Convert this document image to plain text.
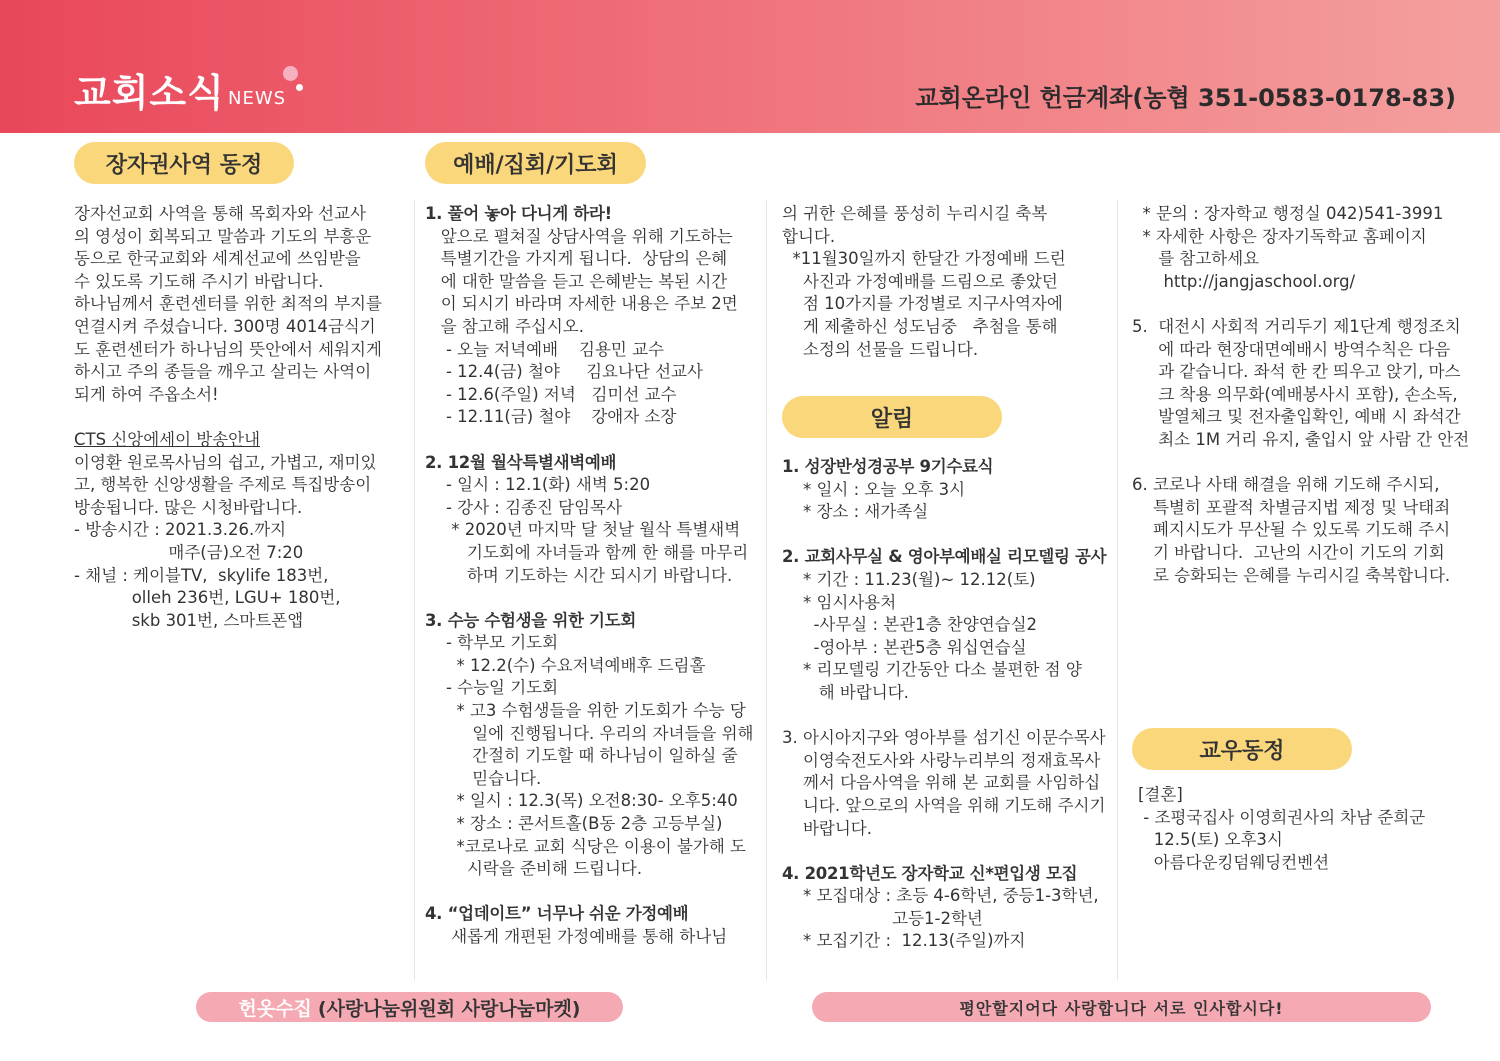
교회소식 NEWS	교회온라인 헌금계좌(농협 351-0583-0178-83)
장자권사역 동정	예배/집회/기도회
알림
교우동정

장자선교회 사역을 통해 목회자와 선교사

의 영성이 회복되고 말씀과 기도의 부흥운

동으로 한국교회와 세계선교에 쓰임받을

수 있도록 기도해 주시기 바랍니다.

하나님께서 훈련센터를 위한 최적의 부지를

연결시켜 주셨습니다. 300명 4014금식기

도 훈련센터가 하나님의 뜻안에서 세워지게

하시고 주의 종들을 깨우고 살리는 사역이

되게 하여 주옵소서!

CTS 신앙에세이 방송안내

이영환 원로목사님의 쉽고, 가볍고, 재미있

고, 행복한 신앙생활을 주제로 특집방송이

방송됩니다. 많은 시청바랍니다.

- 방송시간 : 2021.3.26.까지

매주(금)오전 7:20

- 채널 : 케이블TV,  skylife 183번,

olleh 236번, LGU+ 180번,

skb 301번, 스마트폰앱

1. 풀어 놓아 다니게 하라!

앞으로 펼쳐질 상담사역을 위해 기도하는

특별기간을 가지게 됩니다.  상담의 은혜

에 대한 말씀을 듣고 은혜받는 복된 시간

이 되시기 바라며 자세한 내용은 주보 2면

을 참고해 주십시오.

- 오늘 저녁예배    김용민 교수

- 12.4(금) 철야     김요나단 선교사

- 12.6(주일) 저녁   김미선 교수

- 12.11(금) 철야    강애자 소장

2. 12월 월삭특별새벽예배

- 일시 : 12.1(화) 새벽 5:20

- 강사 : 김종진 담임목사

* 2020년 마지막 달 첫날 월삭 특별새벽

기도회에 자녀들과 함께 한 해를 마무리

하며 기도하는 시간 되시기 바랍니다.

3. 수능 수험생을 위한 기도회

- 학부모 기도회

* 12.2(수) 수요저녁예배후 드림홀

- 수능일 기도회

* 고3 수험생들을 위한 기도회가 수능 당

일에 진행됩니다. 우리의 자녀들을 위해

간절히 기도할 때 하나님이 일하실 줄

믿습니다.

* 일시 : 12.3(목) 오전8:30- 오후5:40

* 장소 : 콘서트홀(B동 2층 고등부실)

*코로나로 교회 식당은 이용이 불가해 도

시락을 준비해 드립니다.

4. “업데이트” 너무나 쉬운 가정예배

새롭게 개편된 가정예배를 통해 하나님

의 귀한 은혜를 풍성히 누리시길 축복

합니다.

*11월30일까지 한달간 가정예배 드린

사진과 가정예배를 드림으로 좋았던

점 10가지를 가정별로 지구사역자에

게 제출하신 성도님중   추첨을 통해

소정의 선물을 드립니다.

1. 성장반성경공부 9기수료식

* 일시 : 오늘 오후 3시

* 장소 : 새가족실

2. 교회사무실 & 영아부예배실 리모델링 공사

* 기간 : 11.23(월)~ 12.12(토)

* 임시사용처

-사무실 : 본관1층 찬양연습실2

-영아부 : 본관5층 워십연습실

* 리모델링 기간동안 다소 불편한 점 양

해 바랍니다.

3. 아시아지구와 영아부를 섬기신 이문수목사

이영숙전도사와 사랑누리부의 정재효목사

께서 다음사역을 위해 본 교회를 사임하십

니다. 앞으로의 사역을 위해 기도해 주시기

바랍니다.

4. 2021학년도 장자학교 신*편입생 모집

* 모집대상 : 초등 4-6학년, 중등1-3학년,

고등1-2학년

* 모집기간 :  12.13(주일)까지

* 문의 : 장자학교 행정실 042)541-3991

* 자세한 사항은 장자기독학교 홈페이지

를 참고하세요

http://jangjaschool.org/

5.  대전시 사회적 거리두기 제1단계 행정조치

에 따라 현장대면예배시 방역수칙은 다음

과 같습니다. 좌석 한 칸 띄우고 앉기, 마스

크 착용 의무화(예배봉사시 포함), 손소독,

발열체크 및 전자출입확인, 예배 시 좌석간

최소 1M 거리 유지, 출입시 앞 사람 간 안전

6. 코로나 사태 해결을 위해 기도해 주시되,

특별히 포괄적 차별금지법 제정 및 낙태죄

폐지시도가 무산될 수 있도록 기도해 주시

기 바랍니다.  고난의 시간이 기도의 기회

로 승화되는 은혜를 누리시길 축복합니다.

[결혼]

- 조평국집사 이영희권사의 차남 준희군

12.5(토) 오후3시

아름다운킹덤웨딩컨벤션

헌옷수집 (사랑나눔위원회 사랑나눔마켓)	평안할지어다 사랑합니다 서로 인사합시다!
